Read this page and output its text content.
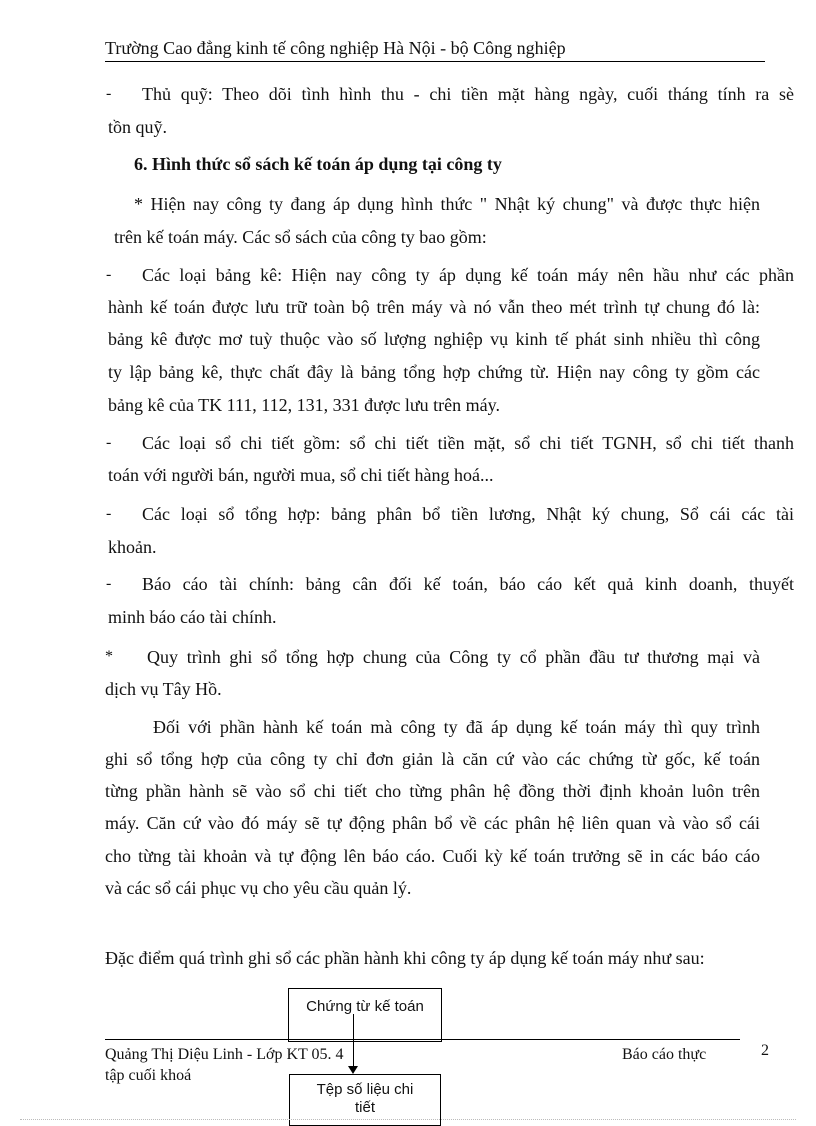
Trường Cao đẳng kinh tế công nghiệp Hà Nội - bộ Công nghiệp
- Thủ quỹ: Theo dõi tình hình thu - chi tiền mặt hàng ngày, cuối tháng tính ra sè
tồn quỹ.
6. Hình thức sổ sách kế toán áp dụng tại công ty
* Hiện nay công ty đang áp dụng hình thức " Nhật ký chung" và được thực hiện
trên kế toán máy. Các sổ sách của công ty bao gồm:
- Các loại bảng kê: Hiện nay công ty áp dụng kế toán máy nên hầu như các phần
hành kế toán được lưu trữ toàn bộ trên máy và nó vẫn theo mét trình tự chung đó là:
bảng kê được mơ tuỳ thuộc vào số lượng nghiệp vụ kinh tế phát sinh nhiều thì công
ty lập bảng kê, thực chất đây là bảng tổng hợp chứng từ. Hiện nay công ty gồm các
bảng kê của TK 111, 112, 131, 331 được lưu trên máy.
- Các loại sổ chi tiết gồm: sổ chi tiết tiền mặt, sổ chi tiết TGNH, sổ chi tiết thanh
toán với người bán, người mua, sổ chi tiết hàng hoá...
- Các loại sổ tổng hợp: bảng phân bổ tiền lương, Nhật ký chung, Sổ cái các tài
khoản.
- Báo cáo tài chính: bảng cân đối kế toán, báo cáo kết quả kinh doanh, thuyết
minh báo cáo tài chính.
* Quy trình ghi sổ tổng hợp chung của Công ty cổ phần đầu tư thương mại và
dịch vụ Tây Hồ.
Đối với phần hành kế toán mà công ty đã áp dụng kế toán máy thì quy trình
ghi sổ tổng hợp của công ty chỉ đơn giản là căn cứ vào các chứng từ gốc, kế toán
từng phần hành sẽ vào sổ chi tiết cho từng phân hệ đồng thời định khoản luôn trên
máy. Căn cứ vào đó máy sẽ tự động phân bổ về các phân hệ liên quan và vào sổ cái
cho từng tài khoản và tự động lên báo cáo. Cuối kỳ kế toán trưởng sẽ in các báo cáo
và các sổ cái phục vụ cho yêu cầu quản lý.
Đặc điểm quá trình ghi sổ các phần hành khi công ty áp dụng kế toán máy như sau:
Chứng từ kế toán
Tệp số liệu chi
tiết
Quảng Thị Diệu Linh - Lớp KT 05. 4	Báo cáo thực
tập cuối khoá
2
